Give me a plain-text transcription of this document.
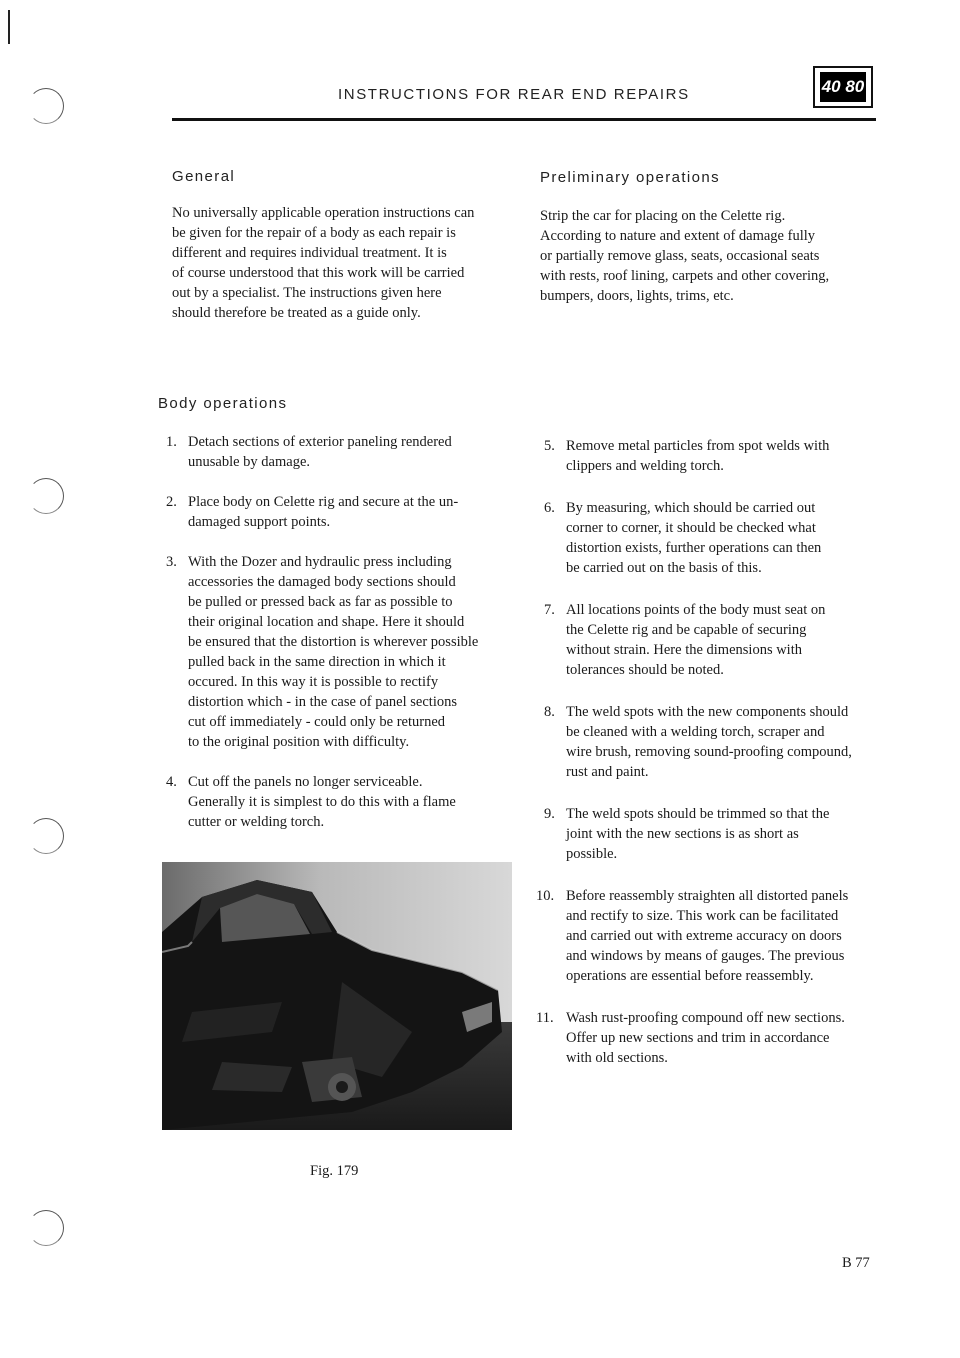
INSTRUCTIONS FOR REAR END REPAIRS	40 80
General
No universally applicable operation instructions can
be given for the repair of a body as each repair is
different and requires individual treatment. It is
of course understood that this work will be carried
out by a specialist. The instructions given here
should therefore be treated as a guide only.
Preliminary operations
Strip the car for placing on the Celette rig.
According to nature and extent of damage fully
or partially remove glass, seats, occasional seats
with rests, roof lining, carpets and other covering,
bumpers, doors, lights, trims, etc.
Body operations
1. Detach sections of exterior paneling rendered
unusable by damage.
2. Place body on Celette rig and secure at the un-
damaged support points.
3. With the Dozer and hydraulic press including
accessories the damaged body sections should
be pulled or pressed back as far as possible to
their original location and shape. Here it should
be ensured that the distortion is wherever possible
pulled back in the same direction in which it
occured. In this way it is possible to rectify
distortion which - in the case of panel sections
cut off immediately - could only be returned
to the original position with difficulty.
4. Cut off the panels no longer serviceable.
Generally it is simplest to do this with a flame
cutter or welding torch.
5. Remove metal particles from spot welds with
clippers and welding torch.
6. By measuring, which should be carried out
corner to corner, it should be checked what
distortion exists, further operations can then
be carried out on the basis of this.
7. All locations points of the body must seat on
the Celette rig and be capable of securing
without strain. Here the dimensions with
tolerances should be noted.
8. The weld spots with the new components should
be cleaned with a welding torch, scraper and
wire brush, removing sound-proofing compound,
rust and paint.
9. The weld spots should be trimmed so that the
joint with the new sections is as short as
possible.
10. Before reassembly straighten all distorted panels
and rectify to size. This work can be facilitated
and carried out with extreme accuracy on doors
and windows by means of gauges. The previous
operations are essential before reassembly.
11. Wash rust-proofing compound off new sections.
Offer up new sections and trim in accordance
with old sections.
Fig. 179
B 77
